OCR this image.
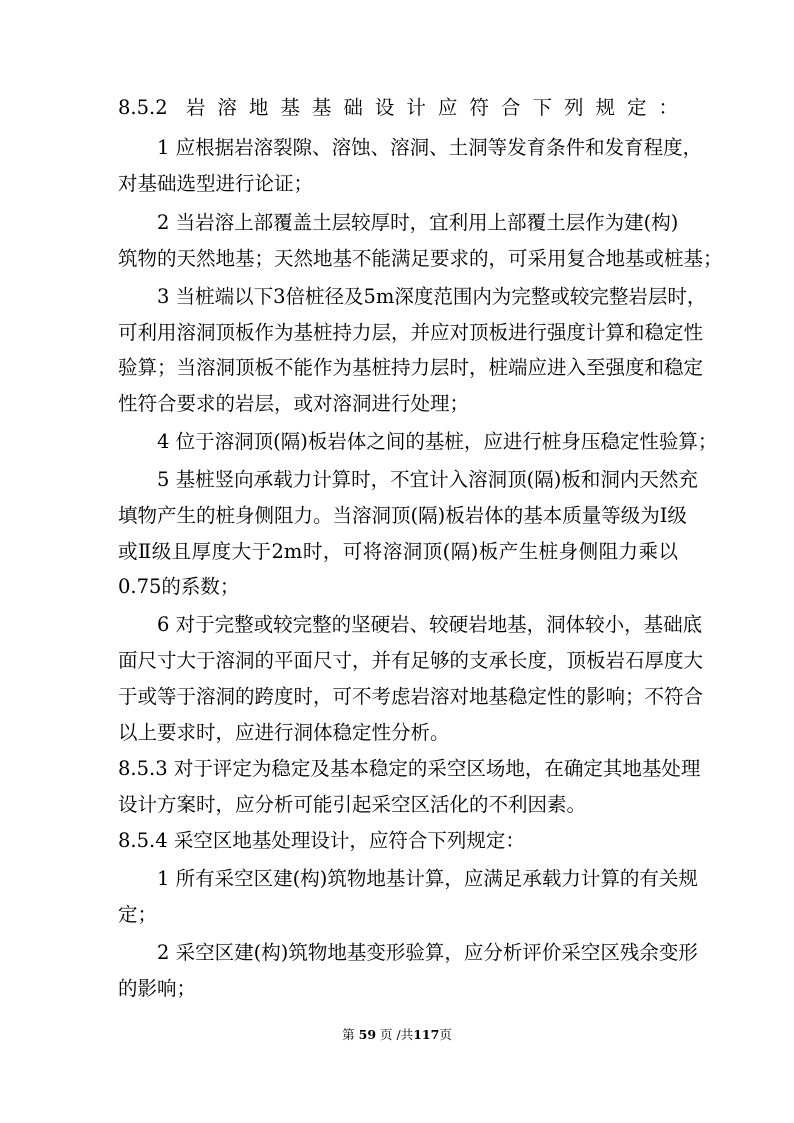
8.5.2 岩溶地基基础设计应符合下列规定：
1 应根据岩溶裂隙、溶蚀、溶洞、土洞等发育条件和发育程度，
对基础选型进行论证；
2 当岩溶上部覆盖土层较厚时，宜利用上部覆土层作为建(构)
筑物的天然地基；天然地基不能满足要求的，可采用复合地基或桩基；
3 当桩端以下3倍桩径及5m深度范围内为完整或较完整岩层时，
可利用溶洞顶板作为基桩持力层，并应对顶板进行强度计算和稳定性
验算；当溶洞顶板不能作为基桩持力层时，桩端应进入至强度和稳定
性符合要求的岩层，或对溶洞进行处理；
4 位于溶洞顶(隔)板岩体之间的基桩，应进行桩身压稳定性验算；
5 基桩竖向承载力计算时，不宜计入溶洞顶(隔)板和洞内天然充
填物产生的桩身侧阻力。当溶洞顶(隔)板岩体的基本质量等级为Ⅰ级
或Ⅱ级且厚度大于2m时，可将溶洞顶(隔)板产生桩身侧阻力乘以
0.75的系数；
6 对于完整或较完整的坚硬岩、较硬岩地基，洞体较小，基础底
面尺寸大于溶洞的平面尺寸，并有足够的支承长度，顶板岩石厚度大
于或等于溶洞的跨度时，可不考虑岩溶对地基稳定性的影响；不符合
以上要求时，应进行洞体稳定性分析。
8.5.3 对于评定为稳定及基本稳定的采空区场地，在确定其地基处理
设计方案时，应分析可能引起采空区活化的不利因素。
8.5.4 采空区地基处理设计，应符合下列规定：
1 所有采空区建(构)筑物地基计算，应满足承载力计算的有关规
定；
2 采空区建(构)筑物地基变形验算，应分析评价采空区残余变形
的影响；
第 59 页 /共117页
